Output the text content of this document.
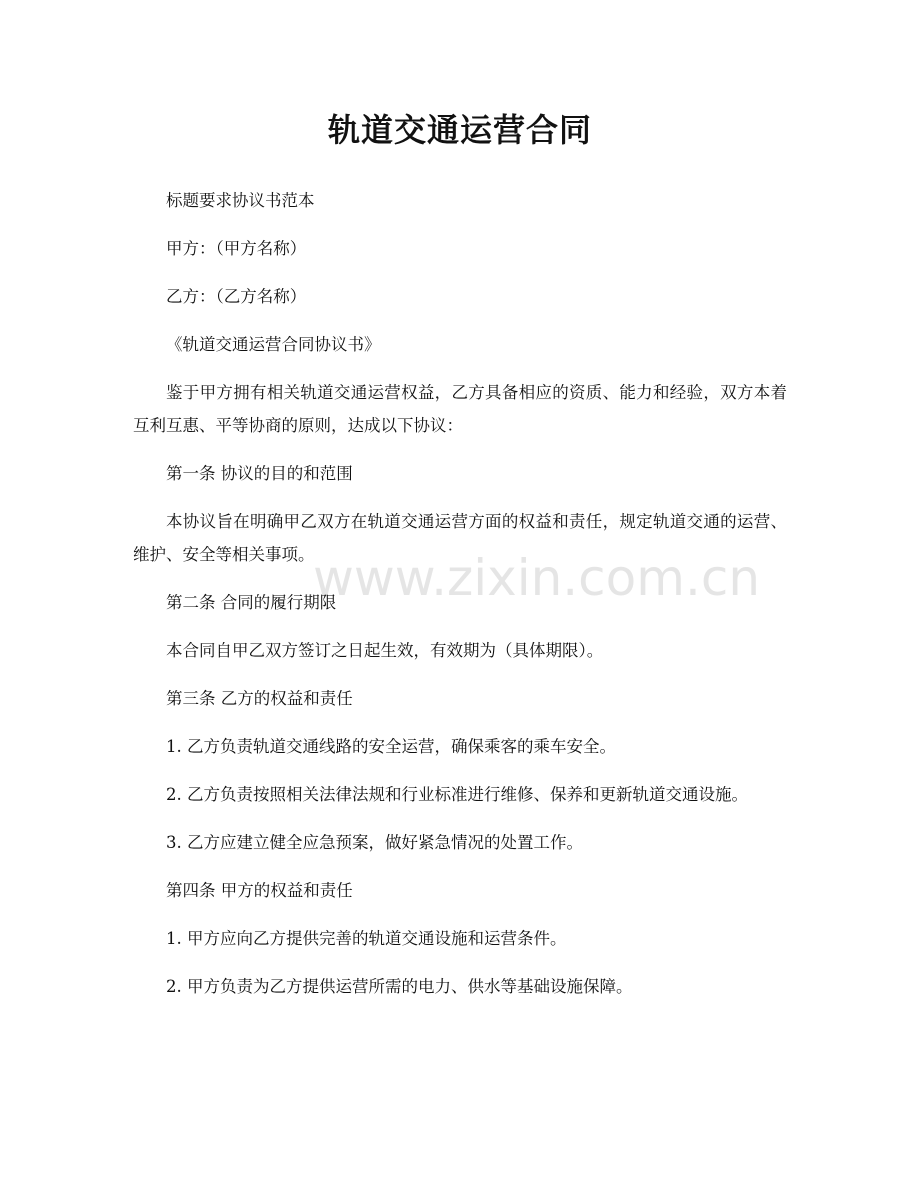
轨道交通运营合同

标题要求协议书范本

甲方：（甲方名称）

乙方：（乙方名称）

《轨道交通运营合同协议书》

鉴于甲方拥有相关轨道交通运营权益，乙方具备相应的资质、能力和经验，双方本着互利互惠、平等协商的原则，达成以下协议：

第一条 协议的目的和范围

本协议旨在明确甲乙双方在轨道交通运营方面的权益和责任，规定轨道交通的运营、维护、安全等相关事项。

第二条 合同的履行期限

本合同自甲乙双方签订之日起生效，有效期为（具体期限）。

第三条 乙方的权益和责任

1. 乙方负责轨道交通线路的安全运营，确保乘客的乘车安全。

2. 乙方负责按照相关法律法规和行业标准进行维修、保养和更新轨道交通设施。

3. 乙方应建立健全应急预案，做好紧急情况的处置工作。

第四条 甲方的权益和责任

1. 甲方应向乙方提供完善的轨道交通设施和运营条件。

2. 甲方负责为乙方提供运营所需的电力、供水等基础设施保障。

www.zixin.com.cn
